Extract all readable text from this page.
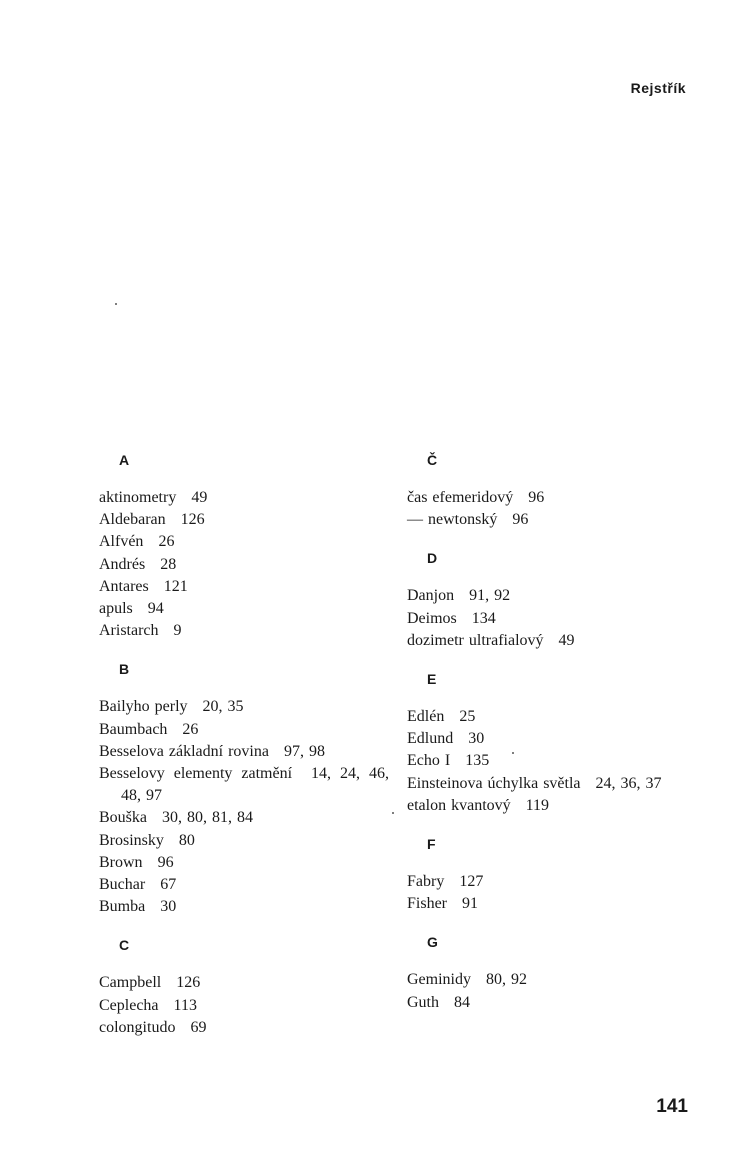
Rejstřík
A
aktinometry 49
Aldebaran 126
Alfvén 26
Andrés 28
Antares 121
apuls 94
Aristarch 9
B
Bailyho perly 20, 35
Baumbach 26
Besselova základní rovina 97, 98
Besselovy elementy zatmění 14, 24, 46, 48, 97
Bouška 30, 80, 81, 84
Brosinsky 80
Brown 96
Buchar 67
Bumba 30
C
Campbell 126
Ceplecha 113
colongitudo 69
Č
čas efemeridový 96
— newtonský 96
D
Danjon 91, 92
Deimos 134
dozimetr ultrafialový 49
E
Edlén 25
Edlund 30
Echo I 135
Einsteinova úchylka světla 24, 36, 37
etalon kvantový 119
F
Fabry 127
Fisher 91
G
Geminidy 80, 92
Guth 84
141
